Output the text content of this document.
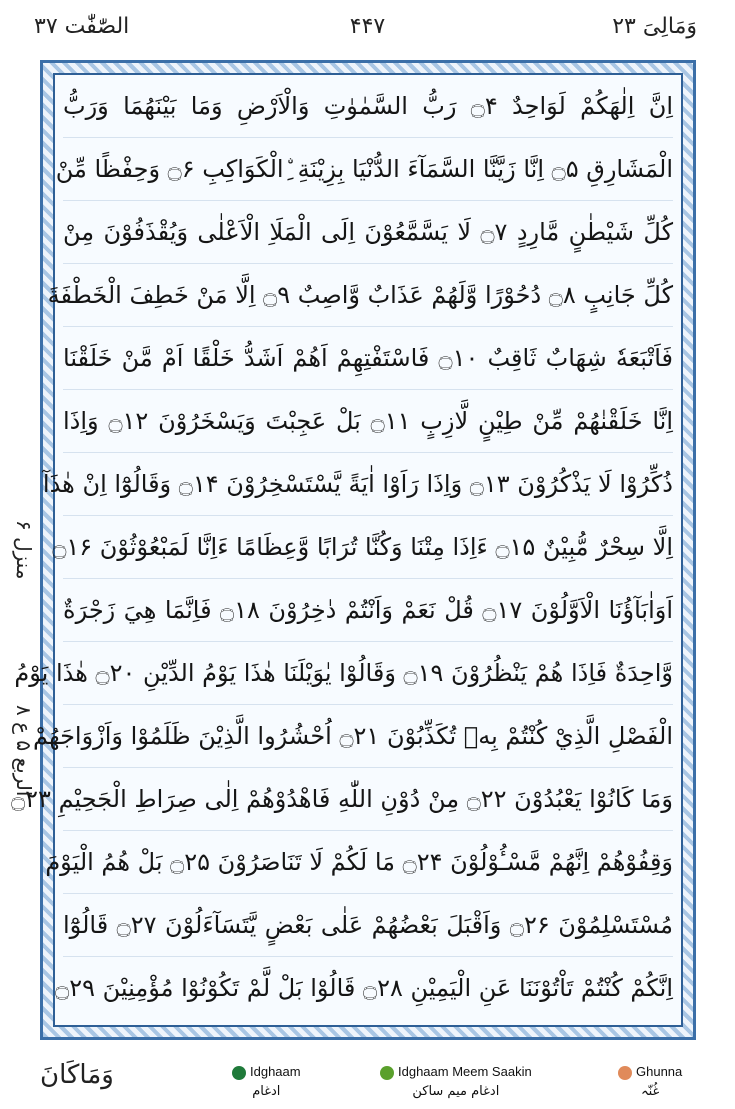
وَمَالِیَ ۲۳
۴۴۷
الصّٰفّٰت ۳۷
اِنَّ اِلٰهَكُمْ لَوَاحِدٌ ۝۴ رَبُّ السَّمٰوٰتِ وَالْاَرْضِ وَمَا بَيْنَهُمَا وَرَبُّ
الْمَشَارِقِ ۝۵ اِنَّا زَيَّنَّا السَّمَآءَ الدُّنْيَا بِزِيْنَةِ ِۨالْكَوَاكِبِ ۝۶ وَحِفْظًا مِّنْ
كُلِّ شَيْطٰنٍ مَّارِدٍ ۝۷ لَا يَسَّمَّعُوْنَ اِلَى الْمَلَاِ الْاَعْلٰى وَيُقْذَفُوْنَ مِنْ
كُلِّ جَانِبٍ ۝۸ دُحُوْرًا وَّلَهُمْ عَذَابٌ وَّاصِبٌ ۝۹ اِلَّا مَنْ خَطِفَ الْخَطْفَةَ
فَاَتْبَعَهٗ شِهَابٌ ثَاقِبٌ ۝۱۰ فَاسْتَفْتِهِمْ اَهُمْ اَشَدُّ خَلْقًا اَمْ مَّنْ خَلَقْنَا
اِنَّا خَلَقْنٰهُمْ مِّنْ طِيْنٍ لَّازِبٍ ۝۱۱ بَلْ عَجِبْتَ وَيَسْخَرُوْنَ ۝۱۲ وَاِذَا
ذُكِّرُوْا لَا يَذْكُرُوْنَ ۝۱۳ وَاِذَا رَاَوْا اٰيَةً يَّسْتَسْخِرُوْنَ ۝۱۴ وَقَالُوْٓا اِنْ هٰذَآ
اِلَّا سِحْرٌ مُّبِيْنٌ ۝۱۵ ءَاِذَا مِتْنَا وَكُنَّا تُرَابًا وَّعِظَامًا ءَاِنَّا لَمَبْعُوْثُوْنَ ۝۱۶
اَوَاٰبَآؤُنَا الْاَوَّلُوْنَ ۝۱۷ قُلْ نَعَمْ وَاَنْتُمْ دٰخِرُوْنَ ۝۱۸ فَاِنَّمَا هِيَ زَجْرَةٌ
وَّاحِدَةٌ فَاِذَا هُمْ يَنْظُرُوْنَ ۝۱۹ وَقَالُوْا يٰوَيْلَنَا هٰذَا يَوْمُ الدِّيْنِ ۝۲۰ هٰذَا يَوْمُ
الْفَصْلِ الَّذِيْ كُنْتُمْ بِهٖ تُكَذِّبُوْنَ ۝۲۱ اُحْشُرُوا الَّذِيْنَ ظَلَمُوْا وَاَزْوَاجَهُمْ
وَمَا كَانُوْا يَعْبُدُوْنَ ۝۲۲ مِنْ دُوْنِ اللّٰهِ فَاهْدُوْهُمْ اِلٰى صِرَاطِ الْجَحِيْمِ ۝۲۳
وَقِفُوْهُمْ اِنَّهُمْ مَّسْـُٔوْلُوْنَ ۝۲۴ مَا لَكُمْ لَا تَنَاصَرُوْنَ ۝۲۵ بَلْ هُمُ الْيَوْمَ
مُسْتَسْلِمُوْنَ ۝۲۶ وَاَقْبَلَ بَعْضُهُمْ عَلٰى بَعْضٍ يَّتَسَآءَلُوْنَ ۝۲۷ قَالُوْٓا
اِنَّكُمْ كُنْتُمْ تَاْتُوْنَنَا عَنِ الْيَمِيْنِ ۝۲۸ قَالُوْا بَلْ لَّمْ تَكُوْنُوْا مُؤْمِنِيْنَ ۝۲۹
منزل ۶
الربع ۵ ع ۸
وَمَاكَانَ	Idghaam
ادغام
Idghaam Meem Saakin
ادغام میم ساکن
Ghunna
غُنّہ
